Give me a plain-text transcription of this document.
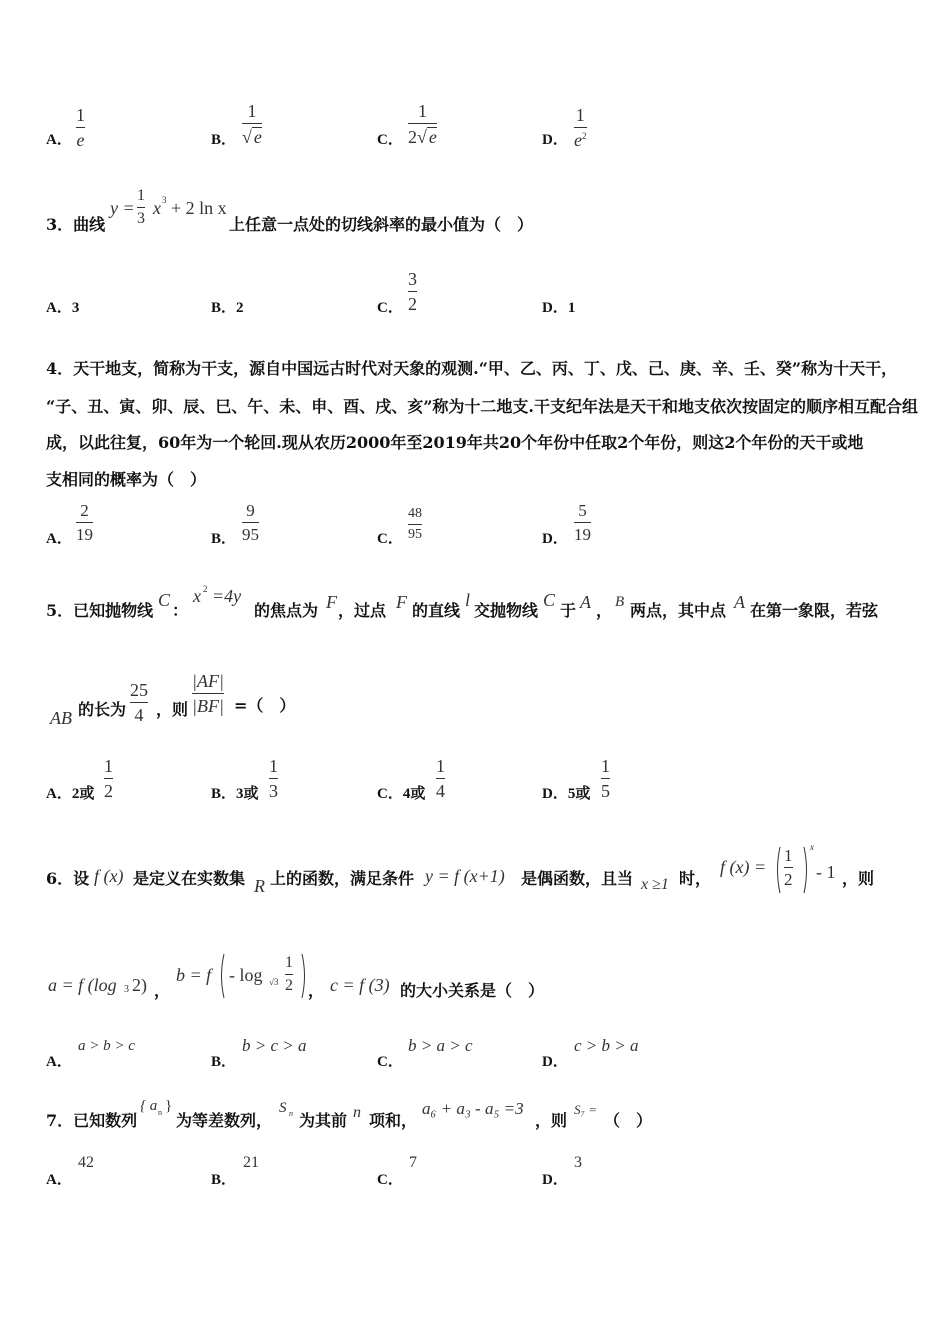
A．
1
e	B．
1
√ e	C．
1
2√ e	D．
1
$e^2$
3．曲线
y =
1
3
x 3 + 2 ln x
上任意一点处的切线斜率的最小值为（　）
A．3	B．2	C．
3
2	D．1
4．天干地支，简称为干支，源自中国远古时代对天象的观测.“甲、乙、丙、丁、戊、己、庚、辛、壬、癸”称为十天干，
“子、丑、寅、卯、辰、巳、午、未、申、酉、戌、亥”称为十二地支.干支纪年法是天干和地支依次按固定的顺序相互配合组
成，以此往复，60年为一个轮回.现从农历2000年至2019年共20个年份中任取2个年份，则这2个年份的天干或地
支相同的概率为（　）
A．
2
19	B．
9
95	C．
48
95	D．
5
19
5．已知抛物线
C
：
x 2 =4y
的焦点为 F ，过点 F 的直线
l
交抛物线
C
于 A ， B 两点，其中点 A 在第一象限，若弦
AB 的长为
25
4 ，则
|AF|
|BF| =（　）
A．2或
1
2	B．3或
1
3	C．4或
1
4	D．5或
1
5
6．设 f (x) 是定义在实数集 R 上的函数，满足条件 y = f (x+1) 是偶函数，且当 x ≥1 时，
f (x) =
1
2
x
- 1 ，则
a = f (log 3 2) ，
b = f - log √3
1
2 ， c = f (3) 的大小关系是（　）
A．
a > b > c
B．
b > c > a
C．
b > a > c
D．
c > b > a
7．已知数列
{ a n }
为等差数列，
S n 为其前 n 项和，
a₆ + a₃ - a₅ =3
，则
S₇ =
（　）
A．
42
B．
21
C．
7
D．
3
